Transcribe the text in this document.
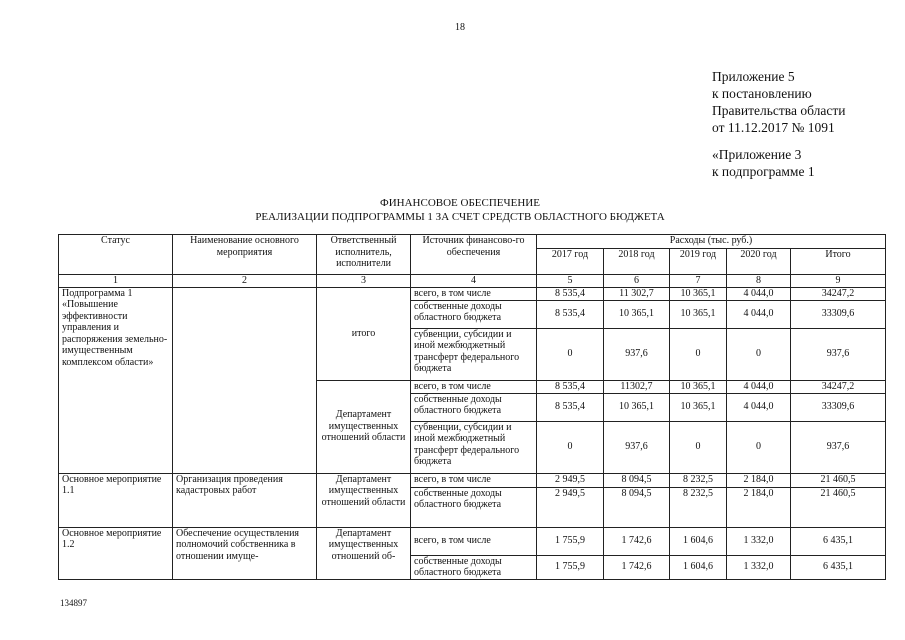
18
Приложение 5
к постановлению
Правительства области
от 11.12.2017 № 1091
«Приложение 3
к подпрограмме 1
ФИНАНСОВОЕ ОБЕСПЕЧЕНИЕ
РЕАЛИЗАЦИИ ПОДПРОГРАММЫ 1 ЗА СЧЕТ СРЕДСТВ ОБЛАСТНОГО БЮДЖЕТА
Статус	Наименование основного мероприятия	Ответственный исполнитель, исполнители	Источник финансово-го обеспечения	Расходы (тыс. руб.)				
				2017 год	2018 год	2019 год	2020 год	Итого
1	2	3	4	5	6	7	8	9
Подпрограмма 1 «Повышение эффективности управления и распоряжения земельно-имущественным комплексом области»		итого	всего, в том числе	8 535,4	11 302,7	10 365,1	4 044,0	34247,2
			собственные доходы областного бюджета	8 535,4	10 365,1	10 365,1	4 044,0	33309,6
			субвенции, субсидии и иной межбюджетный трансферт федерального бюджета	0	937,6	0	0	937,6
		Департамент имущественных отношений области	всего, в том числе	8 535,4	11302,7	10 365,1	4 044,0	34247,2
			собственные доходы областного бюджета	8 535,4	10 365,1	10 365,1	4 044,0	33309,6
			субвенции, субсидии и иной межбюджетный трансферт федерального бюджета	0	937,6	0	0	937,6
Основное мероприятие 1.1	Организация проведения кадастровых работ	Департамент имущественных отношений области	всего, в том числе	2 949,5	8 094,5	8 232,5	2 184,0	21 460,5
			собственные доходы областного бюджета	2 949,5	8 094,5	8 232,5	2 184,0	21 460,5
Основное мероприятие 1.2	Обеспечение осуществления полномочий собственника в отношении имуще-	Департамент имущественных отношений об-	всего, в том числе	1 755,9	1 742,6	1 604,6	1 332,0	6 435,1
			собственные доходы областного бюджета	1 755,9	1 742,6	1 604,6	1 332,0	6 435,1
134897
